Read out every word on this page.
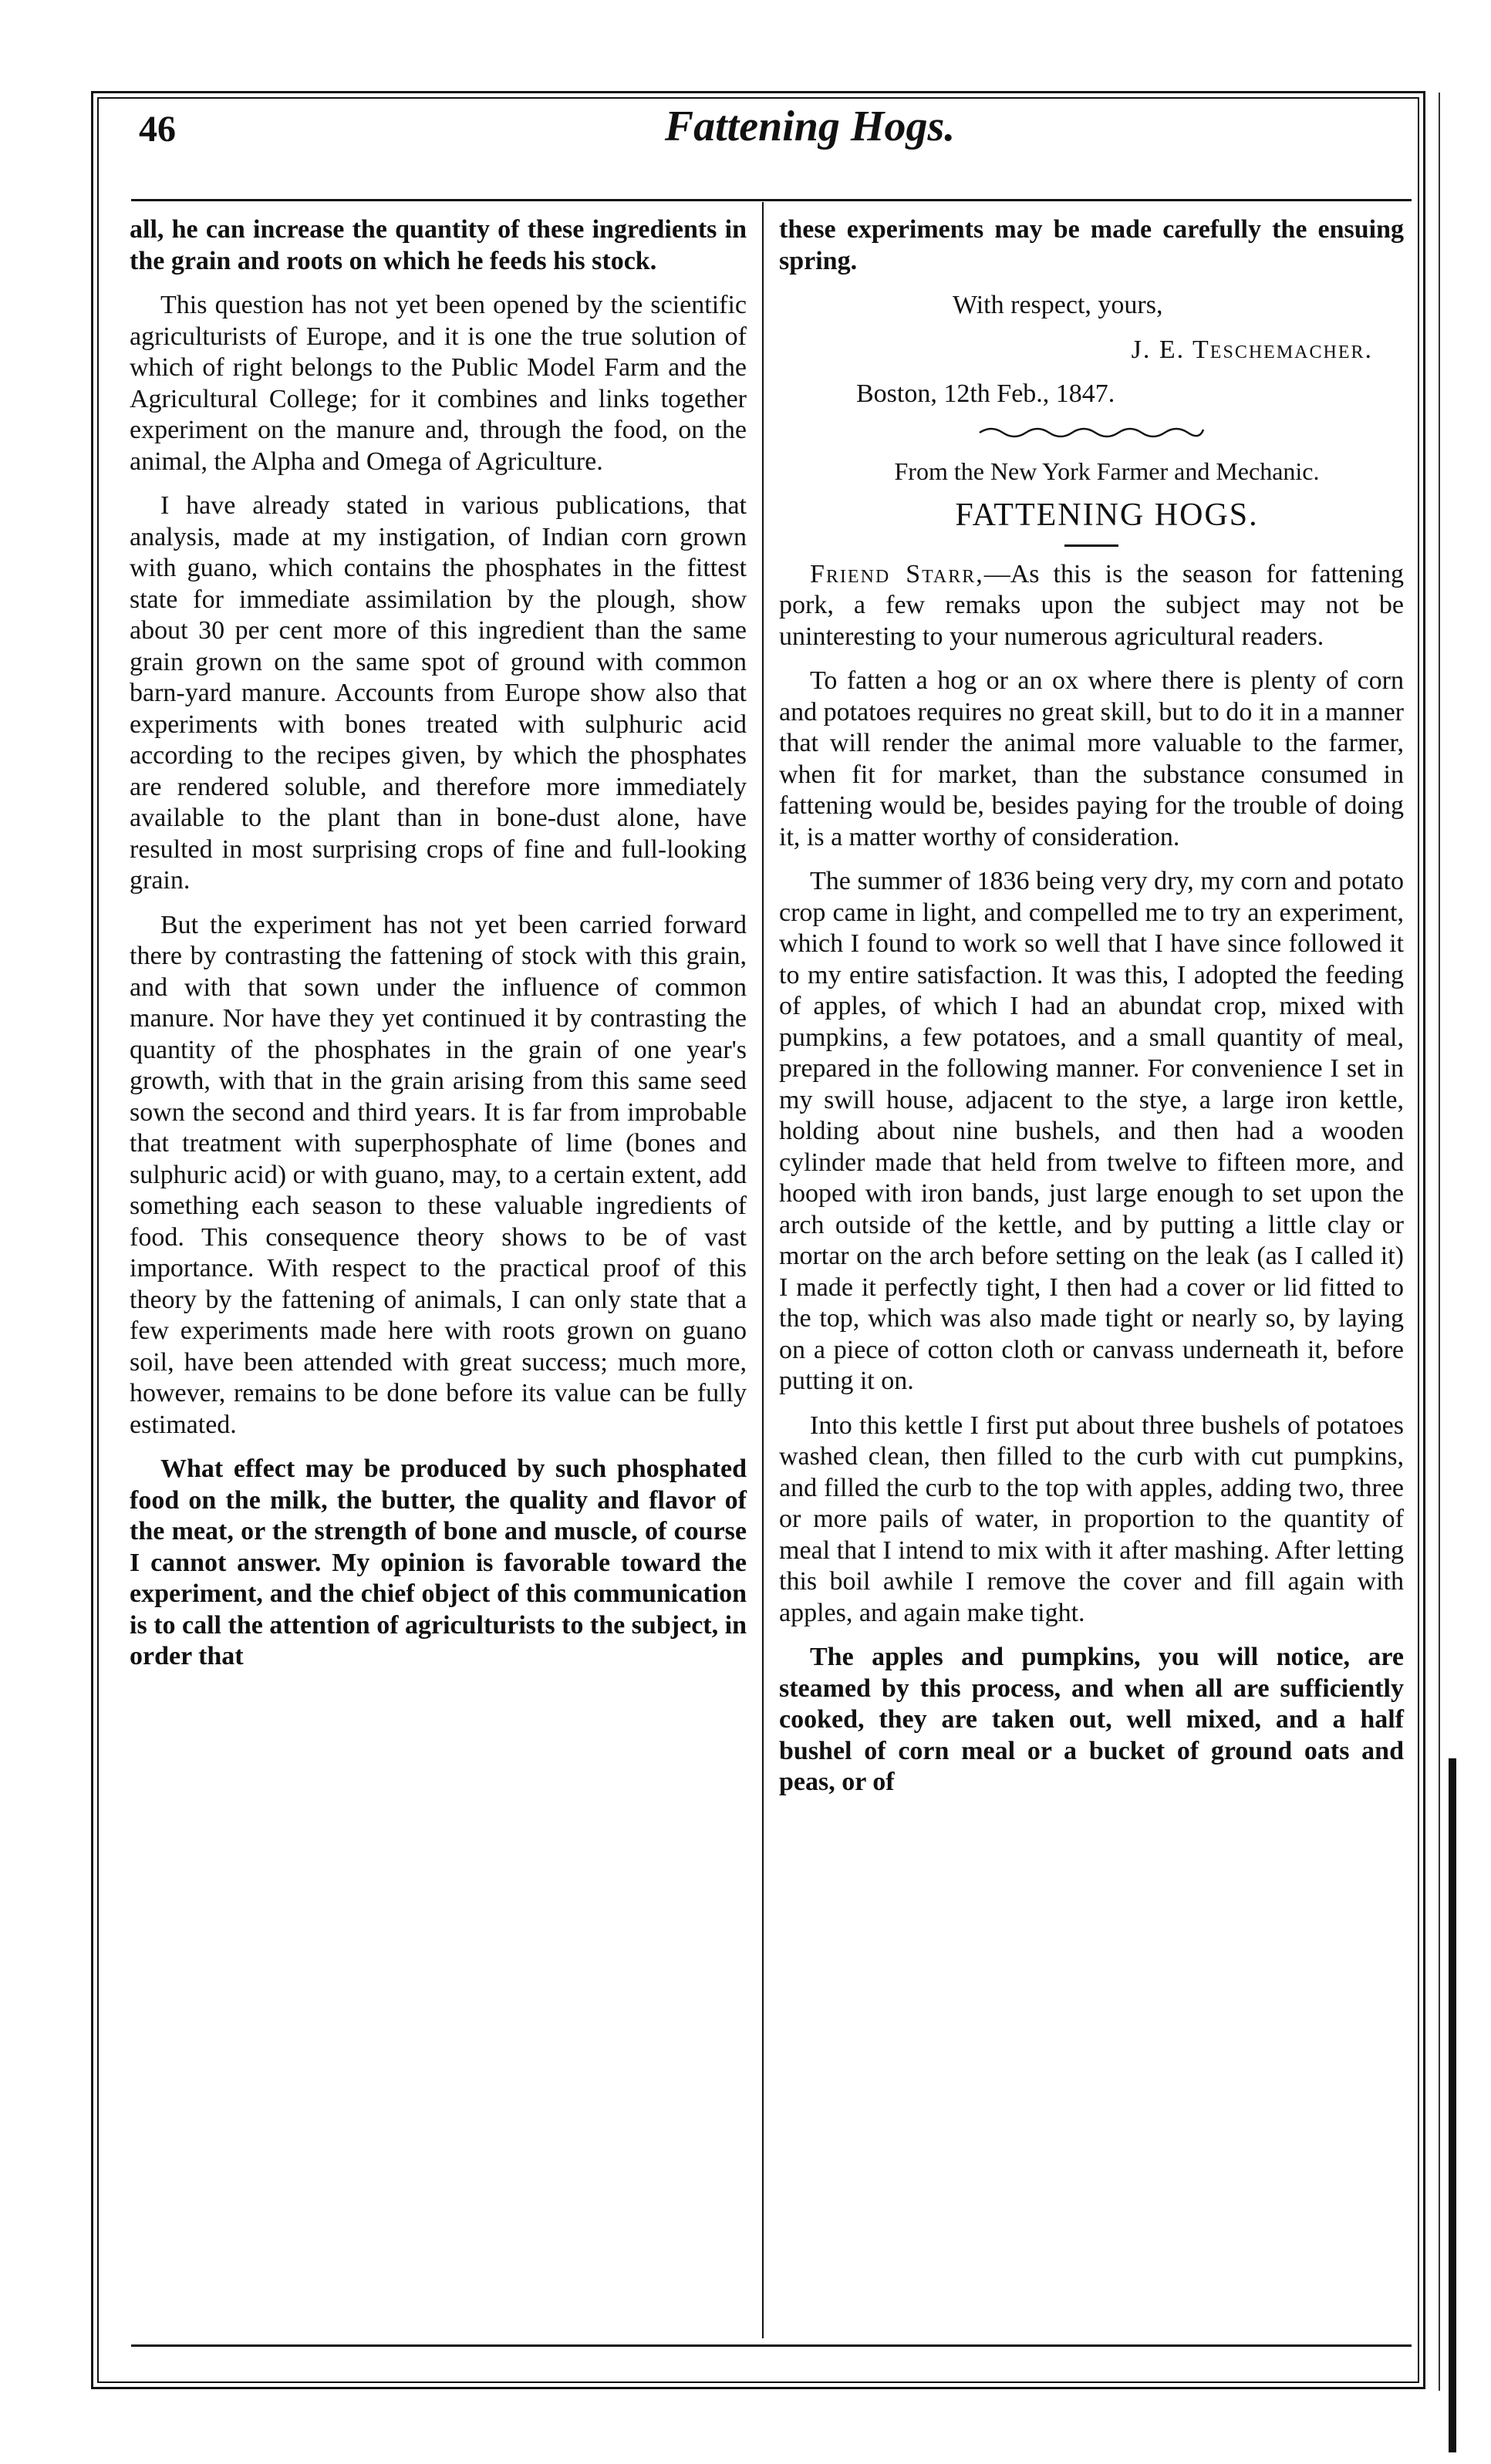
46	Fattening Hogs.

all, he can increase the quantity of these ingredients in the grain and roots on which he feeds his stock.

This question has not yet been opened by the scientific agriculturists of Europe, and it is one the true solution of which of right belongs to the Public Model Farm and the Agricultural College; for it combines and links together experiment on the manure and, through the food, on the animal, the Alpha and Omega of Agriculture.

I have already stated in various publications, that analysis, made at my instigation, of Indian corn grown with guano, which contains the phosphates in the fittest state for immediate assimilation by the plough, show about 30 per cent more of this ingredient than the same grain grown on the same spot of ground with common barn-yard manure. Accounts from Europe show also that experiments with bones treated with sulphuric acid according to the recipes given, by which the phosphates are rendered soluble, and therefore more immediately available to the plant than in bone-dust alone, have resulted in most surprising crops of fine and full-looking grain.

But the experiment has not yet been carried forward there by contrasting the fattening of stock with this grain, and with that sown under the influence of common manure. Nor have they yet continued it by contrasting the quantity of the phosphates in the grain of one year's growth, with that in the grain arising from this same seed sown the second and third years. It is far from improbable that treatment with superphosphate of lime (bones and sulphuric acid) or with guano, may, to a certain extent, add something each season to these valuable ingredients of food. This consequence theory shows to be of vast importance. With respect to the practical proof of this theory by the fattening of animals, I can only state that a few experiments made here with roots grown on guano soil, have been attended with great success; much more, however, remains to be done before its value can be fully estimated.

What effect may be produced by such phosphated food on the milk, the butter, the quality and flavor of the meat, or the strength of bone and muscle, of course I cannot answer. My opinion is favorable toward the experiment, and the chief object of this communication is to call the attention of agriculturists to the subject, in order that

these experiments may be made carefully the ensuing spring.

With respect, yours,

J. E. Teschemacher.

Boston, 12th Feb., 1847.

From the New York Farmer and Mechanic.

FATTENING HOGS.

Friend Starr,—As this is the season for fattening pork, a few remaks upon the subject may not be uninteresting to your numerous agricultural readers.

To fatten a hog or an ox where there is plenty of corn and potatoes requires no great skill, but to do it in a manner that will render the animal more valuable to the farmer, when fit for market, than the substance consumed in fattening would be, besides paying for the trouble of doing it, is a matter worthy of consideration.

The summer of 1836 being very dry, my corn and potato crop came in light, and compelled me to try an experiment, which I found to work so well that I have since followed it to my entire satisfaction. It was this, I adopted the feeding of apples, of which I had an abundat crop, mixed with pumpkins, a few potatoes, and a small quantity of meal, prepared in the following manner. For convenience I set in my swill house, adjacent to the stye, a large iron kettle, holding about nine bushels, and then had a wooden cylinder made that held from twelve to fifteen more, and hooped with iron bands, just large enough to set upon the arch outside of the kettle, and by putting a little clay or mortar on the arch before setting on the leak (as I called it) I made it perfectly tight, I then had a cover or lid fitted to the top, which was also made tight or nearly so, by laying on a piece of cotton cloth or canvass underneath it, before putting it on.

Into this kettle I first put about three bushels of potatoes washed clean, then filled to the curb with cut pumpkins, and filled the curb to the top with apples, adding two, three or more pails of water, in proportion to the quantity of meal that I intend to mix with it after mashing. After letting this boil awhile I remove the cover and fill again with apples, and again make tight.

The apples and pumpkins, you will notice, are steamed by this process, and when all are sufficiently cooked, they are taken out, well mixed, and a half bushel of corn meal or a bucket of ground oats and peas, or of
